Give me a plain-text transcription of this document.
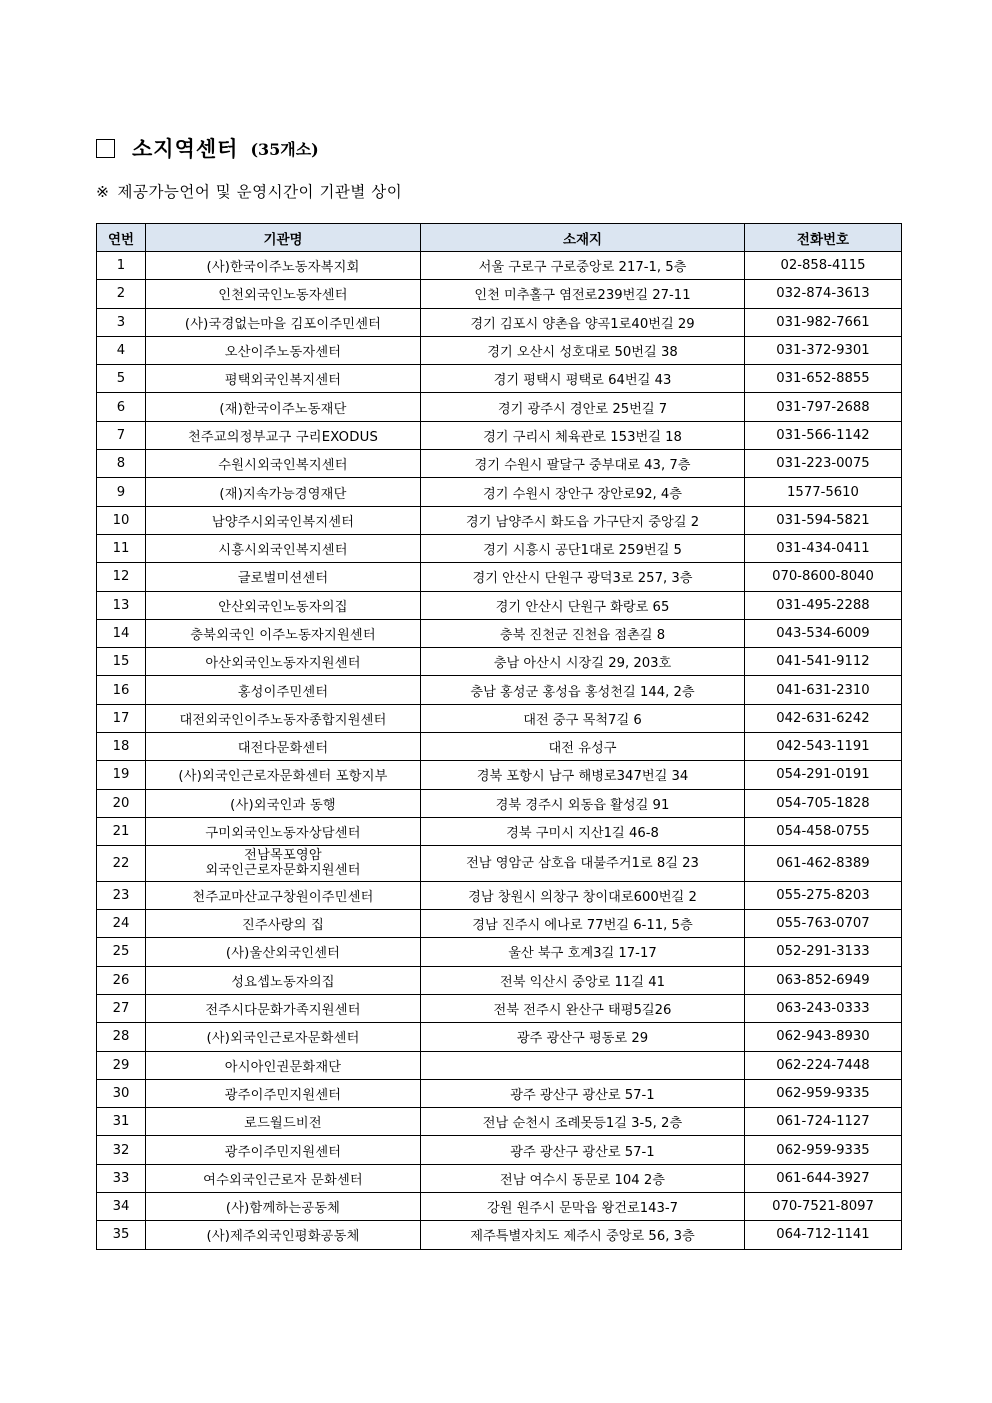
소지역센터 (35개소)
※ 제공가능언어 및 운영시간이 기관별 상이
연번	기관명	소재지	전화번호
1	(사)한국이주노동자복지회	서울 구로구 구로중앙로 217-1, 5층	02-858-4115
2	인천외국인노동자센터	인천 미추홀구 염전로239번길 27-11	032-874-3613
3	(사)국경없는마을 김포이주민센터	경기 김포시 양촌읍 양곡1로40번길 29	031-982-7661
4	오산이주노동자센터	경기 오산시 성호대로 50번길 38	031-372-9301
5	평택외국인복지센터	경기 평택시 평택로 64번길 43	031-652-8855
6	(재)한국이주노동재단	경기 광주시 경안로 25번길 7	031-797-2688
7	천주교의정부교구 구리EXODUS	경기 구리시 체육관로 153번길 18	031-566-1142
8	수원시외국인복지센터	경기 수원시 팔달구 중부대로 43, 7층	031-223-0075
9	(재)지속가능경영재단	경기 수원시 장안구 장안로92, 4층	1577-5610
10	남양주시외국인복지센터	경기 남양주시 화도읍 가구단지 중앙길 2	031-594-5821
11	시흥시외국인복지센터	경기 시흥시 공단1대로 259번길 5	031-434-0411
12	글로벌미션센터	경기 안산시 단원구 광덕3로 257, 3층	070-8600-8040
13	안산외국인노동자의집	경기 안산시 단원구 화랑로 65	031-495-2288
14	충북외국인 이주노동자지원센터	충북 진천군 진천읍 점촌길 8	043-534-6009
15	아산외국인노동자지원센터	충남 아산시 시장길 29, 203호	041-541-9112
16	홍성이주민센터	충남 홍성군 홍성읍 홍성천길 144, 2층	041-631-2310
17	대전외국인이주노동자종합지원센터	대전 중구 목척7길 6	042-631-6242
18	대전다문화센터	대전 유성구	042-543-1191
19	(사)외국인근로자문화센터 포항지부	경북 포항시 남구 해병로347번길 34	054-291-0191
20	(사)외국인과 동행	경북 경주시 외동읍 활성길 91	054-705-1828
21	구미외국인노동자상담센터	경북 구미시 지산1길 46-8	054-458-0755
22	전남목포영암
외국인근로자문화지원센터	전남 영암군 삼호읍 대불주거1로 8길 23	061-462-8389
23	천주교마산교구창원이주민센터	경남 창원시 의창구 창이대로600번길 2	055-275-8203
24	진주사랑의 집	경남 진주시 에나로 77번길 6-11, 5층	055-763-0707
25	(사)울산외국인센터	울산 북구 호계3길 17-17	052-291-3133
26	성요셉노동자의집	전북 익산시 중앙로 11길 41	063-852-6949
27	전주시다문화가족지원센터	전북 전주시 완산구 태평5길26	063-243-0333
28	(사)외국인근로자문화센터	광주 광산구 평동로 29	062-943-8930
29	아시아인권문화재단		062-224-7448
30	광주이주민지원센터	광주 광산구 광산로 57-1	062-959-9335
31	로드월드비전	전남 순천시 조례못등1길 3-5, 2층	061-724-1127
32	광주이주민지원센터	광주 광산구 광산로 57-1	062-959-9335
33	여수외국인근로자 문화센터	전남 여수시 동문로 104 2층	061-644-3927
34	(사)함께하는공동체	강원 원주시 문막읍 왕건로143-7	070-7521-8097
35	(사)제주외국인평화공동체	제주특별자치도 제주시 중앙로 56, 3층	064-712-1141
